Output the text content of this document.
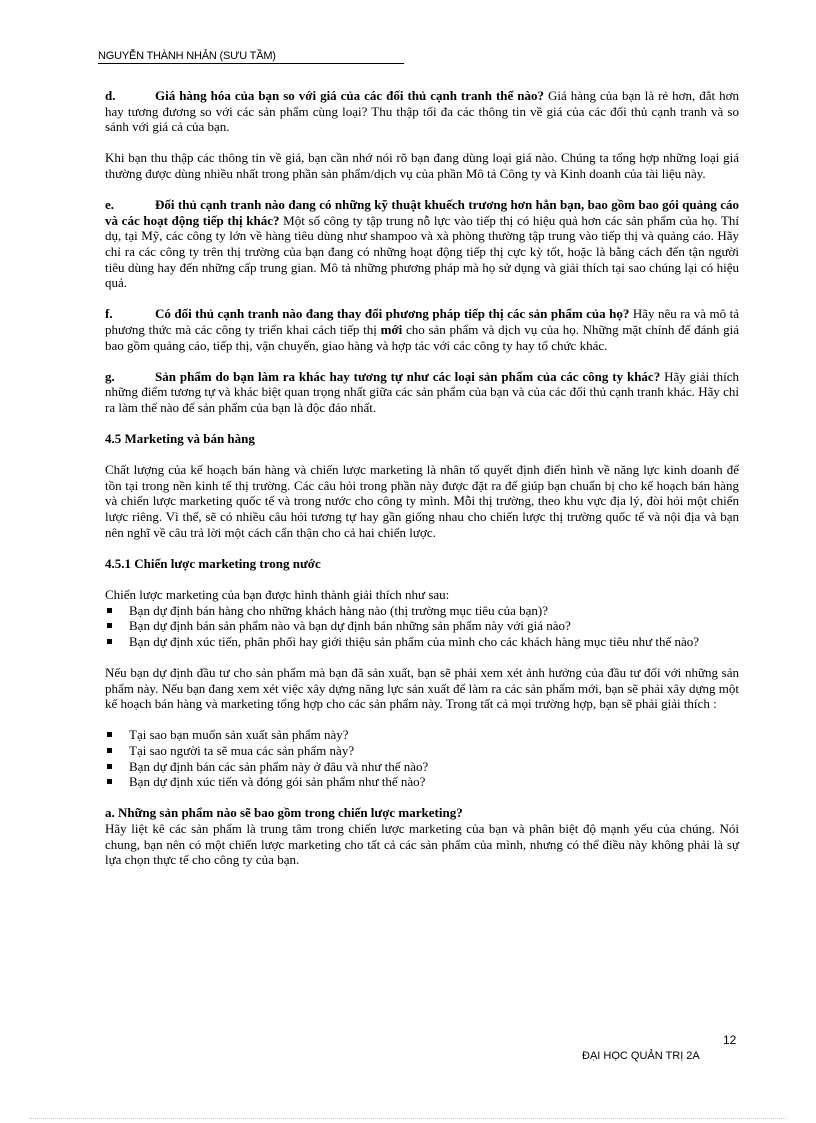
NGUYỄN THÀNH NHẢN (SƯU TẦM)

d.	Giá hàng hóa của bạn so với giá của các đối thủ cạnh tranh thế nào? Giá hàng của bạn là rẻ hơn, đắt hơn hay tương đương so với các sản phẩm cùng loại? Thu thập tối đa các thông tin về giá của các đối thủ cạnh tranh và so sánh với giá cả của bạn.

Khi bạn thu thập các thông tin về giá, bạn cần nhớ nói rõ bạn đang dùng loại giá nào. Chúng ta tổng hợp những loại giá thường được dùng nhiều nhất trong phần sản phẩm/dịch vụ của phần Mô tả Công ty và Kinh doanh của tài liệu này.

e.	Đối thủ cạnh tranh nào đang có những kỹ thuật khuếch trương hơn hẳn bạn, bao gồm bao gói quảng cáo và các hoạt động tiếp thị khác? Một số công ty tập trung nỗ lực vào tiếp thị có hiệu quả hơn các sản phẩm của họ. Thí dụ, tại Mỹ, các công ty lớn về hàng tiêu dùng như shampoo và xà phòng thường tập trung vào tiếp thị và quảng cáo. Hãy chỉ ra các công ty trên thị trường của bạn đang có những hoạt động tiếp thị cực kỳ tốt, hoặc là bằng cách đến tận người tiêu dùng hay đến những cấp trung gian. Mô tả những phương pháp mà họ sử dụng và giải thích tại sao chúng lại có hiệu quả.

f.	Có đối thủ cạnh tranh nào đang thay đổi phương pháp tiếp thị các sản phẩm của họ? Hãy nêu ra và mô tả phương thức mà các công ty triển khai cách tiếp thị mới cho sản phẩm và dịch vụ của họ. Những mặt chính để đánh giá bao gồm quảng cáo, tiếp thị, vận chuyển, giao hàng và hợp tác với các công ty hay tổ chức khác.

g.	Sản phẩm do bạn làm ra khác hay tương tự như các loại sản phẩm của các công ty khác? Hãy giải thích những điểm tương tự và khác biệt quan trọng nhất giữa các sản phẩm của bạn và của các đối thủ cạnh tranh khác. Hãy chỉ ra làm thế nào để sản phẩm của bạn là độc đáo nhất.

4.5 Marketing và bán hàng

Chất lượng của kế hoạch bán hàng và chiến lược marketing là nhân tố quyết định điển hình về năng lực kinh doanh để tồn tại trong nền kinh tế thị trường. Các câu hỏi trong phần này được đặt ra để giúp bạn chuẩn bị cho kế hoạch bán hàng và chiến lược marketing quốc tế và trong nước cho công ty mình. Mỗi thị trường, theo khu vực địa lý, đòi hỏi một chiến lược riêng. Vì thế, sẽ có nhiều câu hỏi tương tự hay gần giống nhau cho chiến lược thị trường quốc tế và nội địa và bạn nên nghĩ về câu trả lời một cách cẩn thận cho cả hai chiến lược.

4.5.1 Chiến lược marketing trong nước

Chiến lược marketing của bạn được hình thành giải thích như sau:

Bạn dự định bán hàng cho những khách hàng nào (thị trường mục tiêu của bạn)?
Bạn dự định bán sản phẩm nào và bạn dự định bán những sản phẩm này với giá nào?
Bạn dự định xúc tiến, phân phối hay giới thiệu sản phẩm của mình cho các khách hàng mục tiêu như thế nào?

Nếu bạn dự định đầu tư cho sản phẩm mà bạn đã sản xuất, bạn sẽ phải xem xét ảnh hưởng của đầu tư đối với những sản phẩm này. Nếu bạn đang xem xét việc xây dựng năng lực sản xuất để làm ra các sản phẩm mới, bạn sẽ phải xây dựng một kế hoạch bán hàng và marketing tổng hợp cho các sản phẩm này. Trong tất cả mọi trường hợp, bạn sẽ phải giải thích :

Tại sao bạn muốn sản xuất sản phẩm này?
Tại sao người ta sẽ mua các sản phẩm này?
Bạn dự định bán các sản phẩm này ở đâu và như thế nào?
Bạn dự định xúc tiến và đóng gói sản phẩm như thế nào?

a. Những sản phẩm nào sẽ bao gồm trong chiến lược marketing?

Hãy liệt kê các sản phẩm là trung tâm trong chiến lược marketing của bạn và phân biệt độ mạnh yếu của chúng. Nói chung, bạn nên có một chiến lược marketing cho tất cả các sản phẩm của mình, nhưng có thể điều này không phải là sự lựa chọn thực tế cho công ty của bạn.

12
ĐẠI HỌC QUẢN TRỊ 2A
